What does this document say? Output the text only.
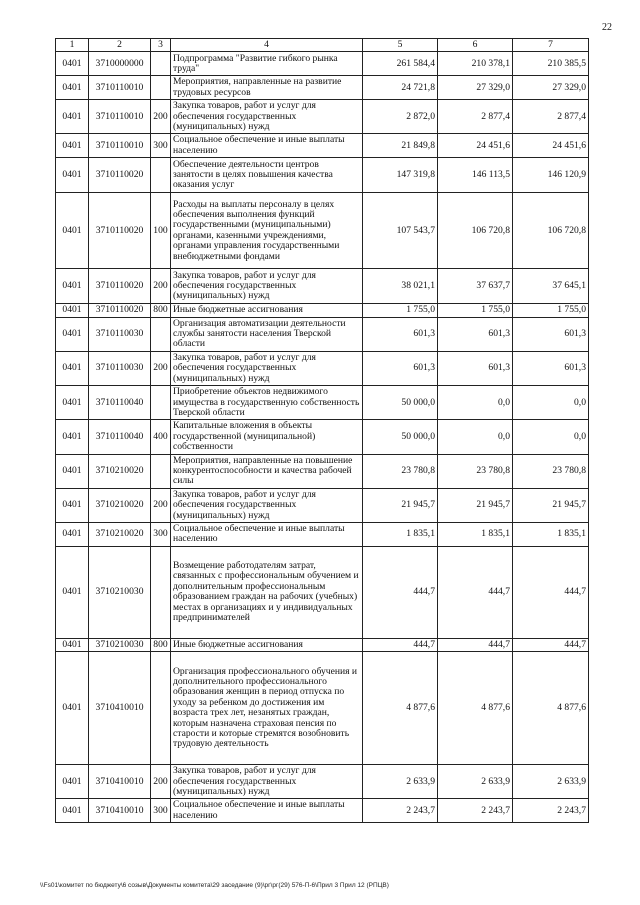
22
1	2	3	4	5	6	7
0401	3710000000		Подпрограмма "Развитие гибкого рынка труда"	261 584,4	210 378,1	210 385,5
0401	3710110010		Мероприятия, направленные на развитие трудовых ресурсов	24 721,8	27 329,0	27 329,0
0401	3710110010	200	Закупка товаров, работ и услуг для обеспечения государственных (муниципальных) нужд	2 872,0	2 877,4	2 877,4
0401	3710110010	300	Социальное обеспечение и иные выплаты населению	21 849,8	24 451,6	24 451,6
0401	3710110020		Обеспечение деятельности центров занятости в целях повышения качества оказания услуг	147 319,8	146 113,5	146 120,9
0401	3710110020	100	Расходы на выплаты персоналу в целях обеспечения выполнения функций государственными (муниципальными) органами, казенными учреждениями, органами управления государственными внебюджетными фондами	107 543,7	106 720,8	106 720,8
0401	3710110020	200	Закупка товаров, работ и услуг для обеспечения государственных (муниципальных) нужд	38 021,1	37 637,7	37 645,1
0401	3710110020	800	Иные бюджетные ассигнования	1 755,0	1 755,0	1 755,0
0401	3710110030		Организация автоматизации деятельности службы занятости населения Тверской области	601,3	601,3	601,3
0401	3710110030	200	Закупка товаров, работ и услуг для обеспечения государственных (муниципальных) нужд	601,3	601,3	601,3
0401	3710110040		Приобретение объектов недвижимого имущества в государственную собственность Тверской области	50 000,0	0,0	0,0
0401	3710110040	400	Капитальные вложения в объекты государственной (муниципальной) собственности	50 000,0	0,0	0,0
0401	3710210020		Мероприятия, направленные на повышение конкурентоспособности и качества рабочей силы	23 780,8	23 780,8	23 780,8
0401	3710210020	200	Закупка товаров, работ и услуг для обеспечения государственных (муниципальных) нужд	21 945,7	21 945,7	21 945,7
0401	3710210020	300	Социальное обеспечение и иные выплаты населению	1 835,1	1 835,1	1 835,1
0401	3710210030		Возмещение работодателям затрат, связанных с профессиональным обучением и дополнительным профессиональным образованием граждан на рабочих (учебных) местах в организациях и у индивидуальных предпринимателей	444,7	444,7	444,7
0401	3710210030	800	Иные бюджетные ассигнования	444,7	444,7	444,7
0401	3710410010		Организация профессионального обучения и дополнительного профессионального образования женщин в период отпуска по уходу за ребенком до достижения им возраста трех лет, незанятых граждан, которым назначена страховая пенсия по старости и которые стремятся возобновить трудовую деятельность	4 877,6	4 877,6	4 877,6
0401	3710410010	200	Закупка товаров, работ и услуг для обеспечения государственных (муниципальных) нужд	2 633,9	2 633,9	2 633,9
0401	3710410010	300	Социальное обеспечение и иные выплаты населению	2 243,7	2 243,7	2 243,7
\\Fs01\комитет по бюджету\6 созыв\Документы комитета\29 заседание (9)\рг\рг(29) 576-П-6\Прил 3 Прил 12 (РПЦВ)
